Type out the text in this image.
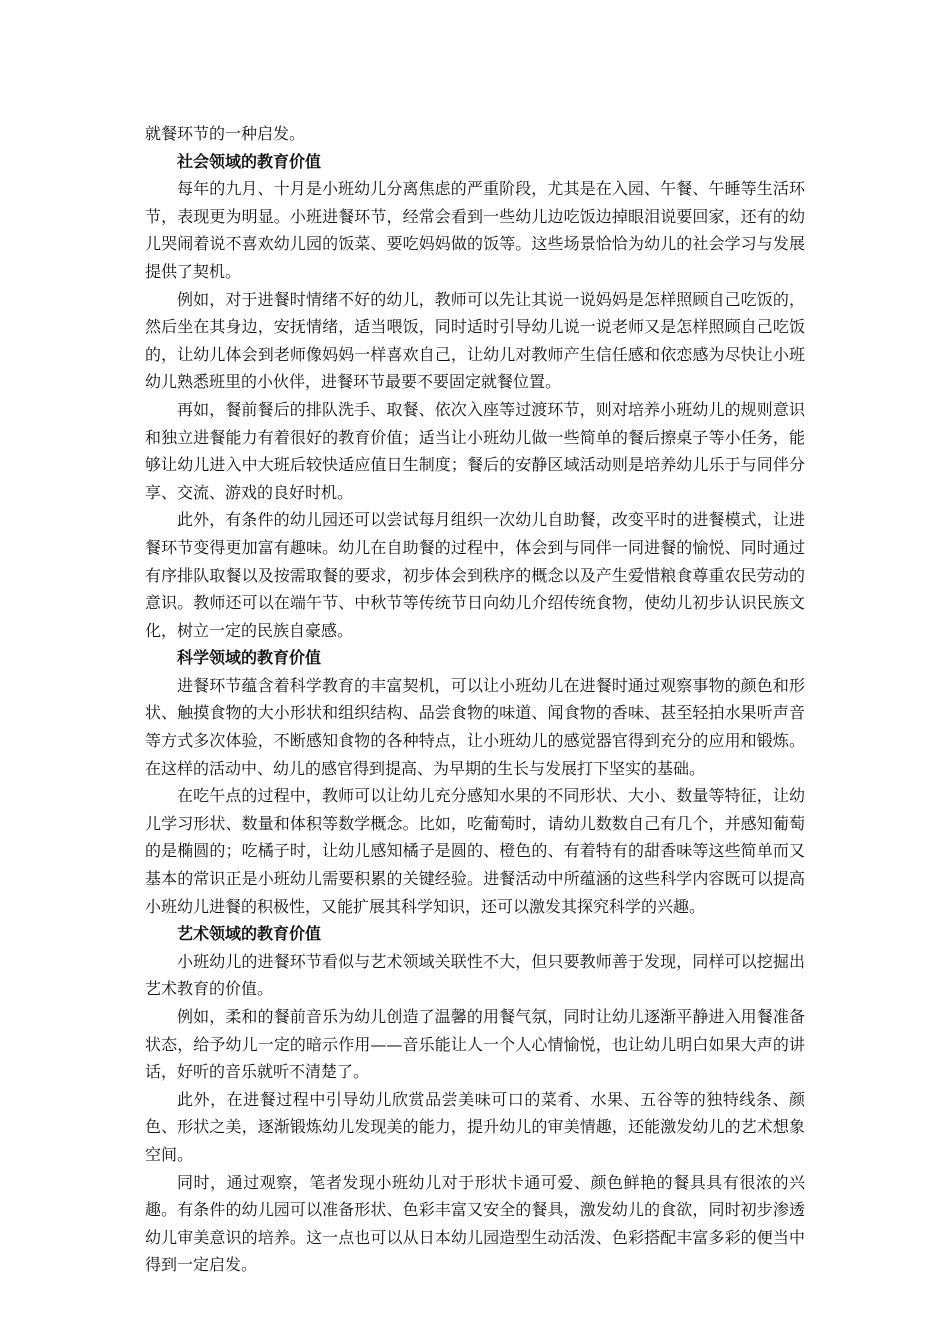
就餐环节的一种启发。

社会领域的教育价值

每年的九月、十月是小班幼儿分离焦虑的严重阶段，尤其是在入园、午餐、午睡等生活环节，表现更为明显。小班进餐环节，经常会看到一些幼儿边吃饭边掉眼泪说要回家，还有的幼儿哭闹着说不喜欢幼儿园的饭菜、要吃妈妈做的饭等。这些场景恰恰为幼儿的社会学习与发展提供了契机。

例如，对于进餐时情绪不好的幼儿，教师可以先让其说一说妈妈是怎样照顾自己吃饭的，然后坐在其身边，安抚情绪，适当喂饭，同时适时引导幼儿说一说老师又是怎样照顾自己吃饭的，让幼儿体会到老师像妈妈一样喜欢自己，让幼儿对教师产生信任感和依恋感为尽快让小班幼儿熟悉班里的小伙伴，进餐环节最要不要固定就餐位置。

再如，餐前餐后的排队洗手、取餐、依次入座等过渡环节，则对培养小班幼儿的规则意识和独立进餐能力有着很好的教育价值；适当让小班幼儿做一些简单的餐后擦桌子等小任务，能够让幼儿进入中大班后较快适应值日生制度；餐后的安静区域活动则是培养幼儿乐于与同伴分享、交流、游戏的良好时机。

此外，有条件的幼儿园还可以尝试每月组织一次幼儿自助餐，改变平时的进餐模式，让进餐环节变得更加富有趣味。幼儿在自助餐的过程中，体会到与同伴一同进餐的愉悦、同时通过有序排队取餐以及按需取餐的要求，初步体会到秩序的概念以及产生爱惜粮食尊重农民劳动的意识。教师还可以在端午节、中秋节等传统节日向幼儿介绍传统食物，使幼儿初步认识民族文化，树立一定的民族自豪感。

科学领域的教育价值

进餐环节蕴含着科学教育的丰富契机，可以让小班幼儿在进餐时通过观察事物的颜色和形状、触摸食物的大小形状和组织结构、品尝食物的味道、闻食物的香味、甚至轻拍水果听声音等方式多次体验，不断感知食物的各种特点，让小班幼儿的感觉器官得到充分的应用和锻炼。在这样的活动中、幼儿的感官得到提高、为早期的生长与发展打下坚实的基础。

在吃午点的过程中，教师可以让幼儿充分感知水果的不同形状、大小、数量等特征，让幼儿学习形状、数量和体积等数学概念。比如，吃葡萄时，请幼儿数数自己有几个，并感知葡萄的是椭圆的；吃橘子时，让幼儿感知橘子是圆的、橙色的、有着特有的甜香味等这些简单而又基本的常识正是小班幼儿需要积累的关键经验。进餐活动中所蕴涵的这些科学内容既可以提高小班幼儿进餐的积极性，又能扩展其科学知识，还可以激发其探究科学的兴趣。

艺术领域的教育价值

小班幼儿的进餐环节看似与艺术领域关联性不大，但只要教师善于发现，同样可以挖掘出艺术教育的价值。

例如，柔和的餐前音乐为幼儿创造了温馨的用餐气氛，同时让幼儿逐渐平静进入用餐准备状态，给予幼儿一定的暗示作用——音乐能让人一个人心情愉悦，也让幼儿明白如果大声的讲话，好听的音乐就听不清楚了。

此外，在进餐过程中引导幼儿欣赏品尝美味可口的菜肴、水果、五谷等的独特线条、颜色、形状之美，逐渐锻炼幼儿发现美的能力，提升幼儿的审美情趣，还能激发幼儿的艺术想象空间。

同时，通过观察，笔者发现小班幼儿对于形状卡通可爱、颜色鲜艳的餐具具有很浓的兴趣。有条件的幼儿园可以准备形状、色彩丰富又安全的餐具，激发幼儿的食欲，同时初步渗透幼儿审美意识的培养。这一点也可以从日本幼儿园造型生动活泼、色彩搭配丰富多彩的便当中得到一定启发。
